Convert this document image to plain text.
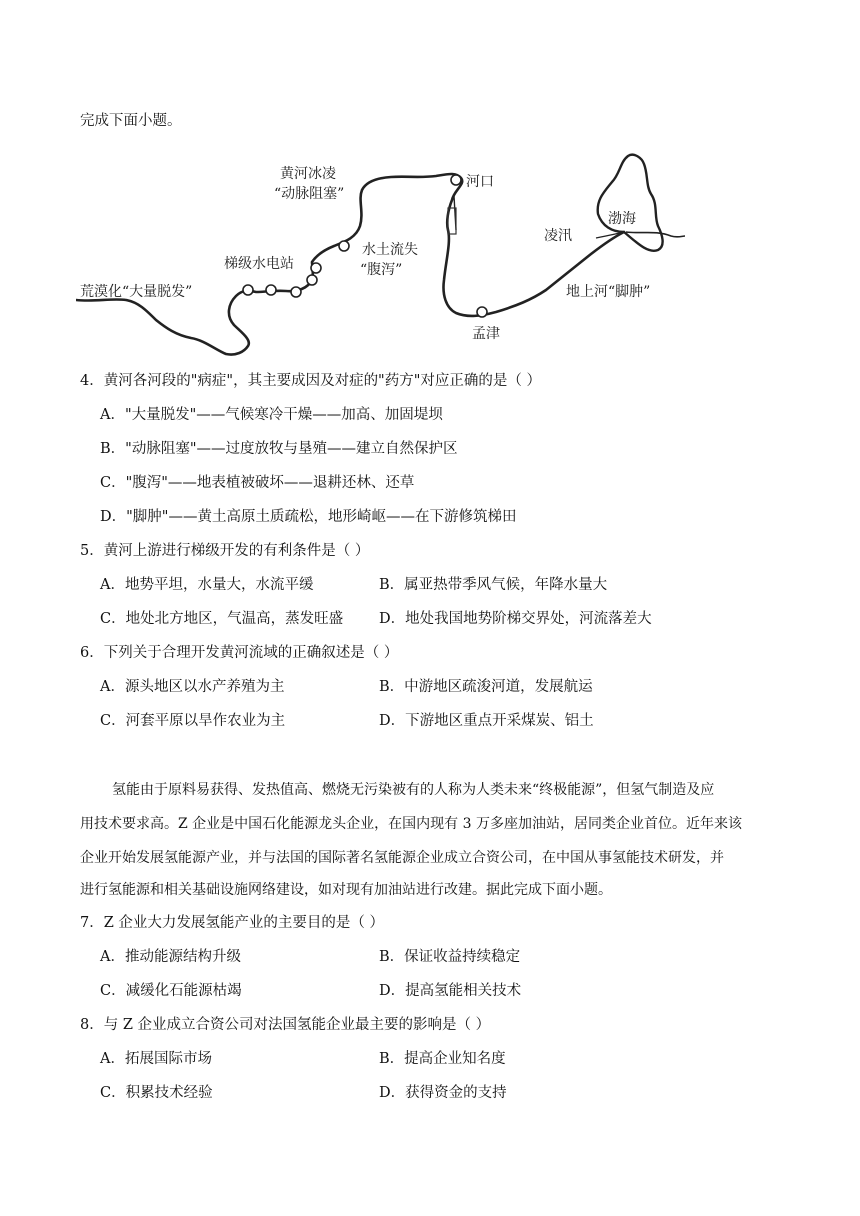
完成下面小题。
黄河冰凌
“动脉阻塞”
河口
水土流失
“腹泻”
梯级水电站
荒漠化“大量脱发”
凌汛
渤海
地上河“脚肿”
孟津
4．黄河各河段的"病症"，其主要成因及对症的"药方"对应正确的是（ ）
A．"大量脱发"——气候寒冷干燥——加高、加固堤坝
B．"动脉阻塞"——过度放牧与垦殖——建立自然保护区
C．"腹泻"——地表植被破坏——退耕还林、还草
D．"脚肿"——黄土高原土质疏松，地形崎岖——在下游修筑梯田
5．黄河上游进行梯级开发的有利条件是（ ）
A．地势平坦，水量大，水流平缓	B．属亚热带季风气候，年降水量大
C．地处北方地区，气温高，蒸发旺盛 D．地处我国地势阶梯交界处，河流落差大
6．下列关于合理开发黄河流域的正确叙述是（ ）
A．源头地区以水产养殖为主	B．中游地区疏浚河道，发展航运
C．河套平原以旱作农业为主	D．下游地区重点开采煤炭、铝土
氢能由于原料易获得、发热值高、燃烧无污染被有的人称为人类未来“终极能源”，但氢气制造及应
用技术要求高。Z 企业是中国石化能源龙头企业，在国内现有 3 万多座加油站，居同类企业首位。近年来该
企业开始发展氢能源产业，并与法国的国际著名氢能源企业成立合资公司，在中国从事氢能技术研发，并
进行氢能源和相关基础设施网络建设，如对现有加油站进行改建。据此完成下面小题。
7．Z 企业大力发展氢能产业的主要目的是（ ）
A．推动能源结构升级	B．保证收益持续稳定
C．减缓化石能源枯竭	D．提高氢能相关技术
8．与 Z 企业成立合资公司对法国氢能企业最主要的影响是（ ）
A．拓展国际市场	B．提高企业知名度
C．积累技术经验	D．获得资金的支持
